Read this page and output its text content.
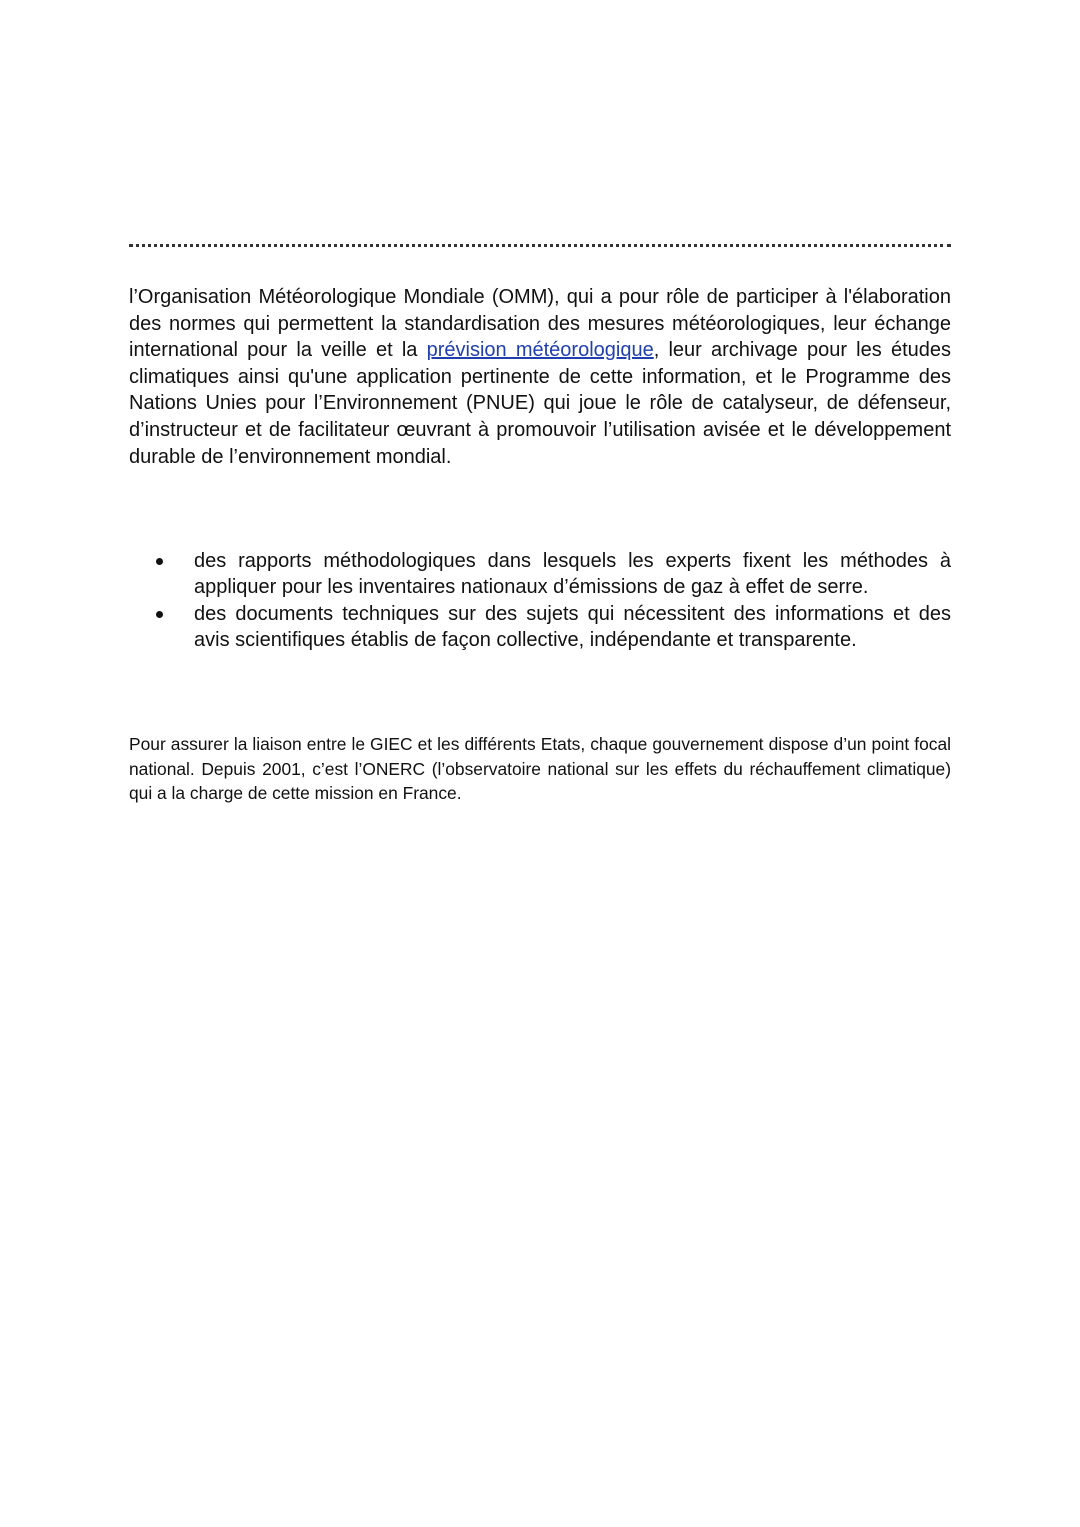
l’Organisation Météorologique Mondiale (OMM), qui a pour rôle de participer à l'élaboration des normes qui permettent la standardisation des mesures météorologiques, leur échange international pour la veille et la prévision météorologique, leur archivage pour les études climatiques ainsi qu'une application pertinente de cette information, et le Programme des Nations Unies pour l’Environnement (PNUE) qui joue le rôle de catalyseur, de défenseur, d’instructeur et de facilitateur œuvrant à promouvoir l’utilisation avisée et le développement durable de l’environnement mondial.

des rapports méthodologiques dans lesquels les experts fixent les méthodes à appliquer pour les inventaires nationaux d’émissions de gaz à effet de serre.
des documents techniques sur des sujets qui nécessitent des informations et des avis scientifiques établis de façon collective, indépendante et transparente.

Pour assurer la liaison entre le GIEC et les différents Etats, chaque gouvernement dispose d’un point focal national. Depuis 2001, c’est l’ONERC (l’observatoire national sur les effets du réchauffement climatique) qui a la charge de cette mission en France.
